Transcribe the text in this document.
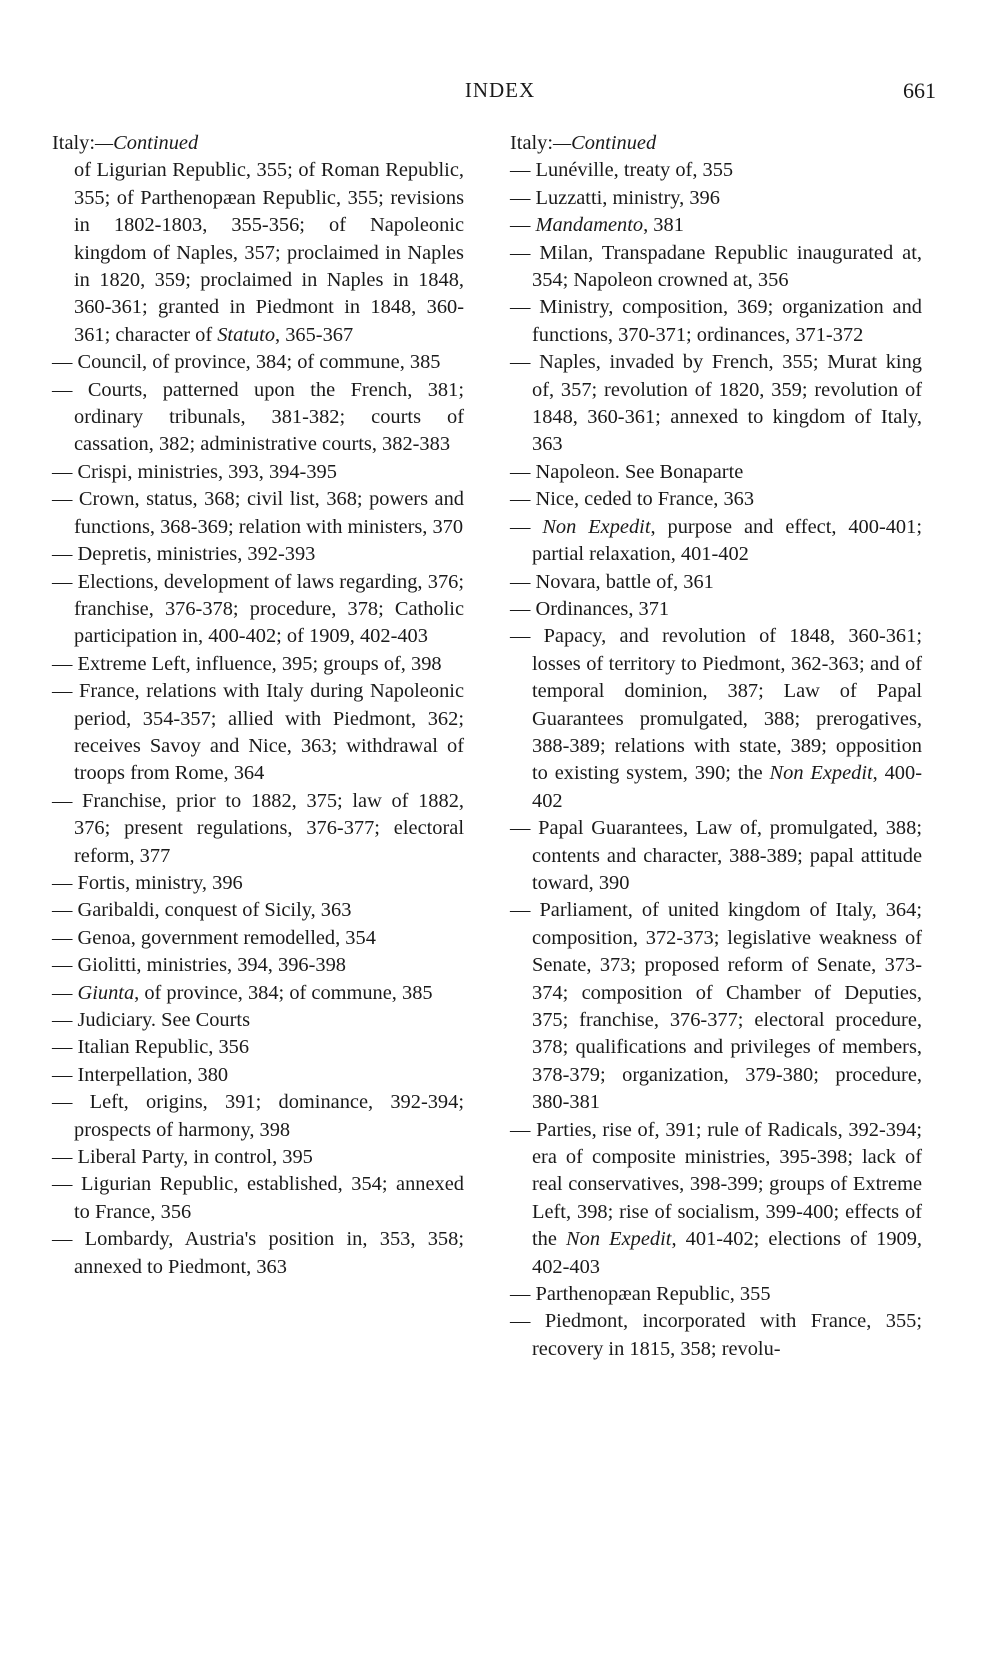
INDEX	661

Italy:—Continued

of Ligurian Republic, 355; of Roman Republic, 355; of Parthenopæan Republic, 355; revisions in 1802-1803, 355-356; of Napoleonic kingdom of Naples, 357; proclaimed in Naples in 1820, 359; proclaimed in Naples in 1848, 360-361; granted in Piedmont in 1848, 360-361; character of Statuto, 365-367

— Council, of province, 384; of commune, 385

— Courts, patterned upon the French, 381; ordinary tribunals, 381-382; courts of cassation, 382; administrative courts, 382-383

— Crispi, ministries, 393, 394-395

— Crown, status, 368; civil list, 368; powers and functions, 368-369; relation with ministers, 370

— Depretis, ministries, 392-393

— Elections, development of laws regarding, 376; franchise, 376-378; procedure, 378; Catholic participation in, 400-402; of 1909, 402-403

— Extreme Left, influence, 395; groups of, 398

— France, relations with Italy during Napoleonic period, 354-357; allied with Piedmont, 362; receives Savoy and Nice, 363; withdrawal of troops from Rome, 364

— Franchise, prior to 1882, 375; law of 1882, 376; present regulations, 376-377; electoral reform, 377

— Fortis, ministry, 396

— Garibaldi, conquest of Sicily, 363

— Genoa, government remodelled, 354

— Giolitti, ministries, 394, 396-398

— Giunta, of province, 384; of commune, 385

— Judiciary. See Courts

— Italian Republic, 356

— Interpellation, 380

— Left, origins, 391; dominance, 392-394; prospects of harmony, 398

— Liberal Party, in control, 395

— Ligurian Republic, established, 354; annexed to France, 356

— Lombardy, Austria's position in, 353, 358; annexed to Piedmont, 363

Italy:—Continued

— Lunéville, treaty of, 355

— Luzzatti, ministry, 396

— Mandamento, 381

— Milan, Transpadane Republic inaugurated at, 354; Napoleon crowned at, 356

— Ministry, composition, 369; organization and functions, 370-371; ordinances, 371-372

— Naples, invaded by French, 355; Murat king of, 357; revolution of 1820, 359; revolution of 1848, 360-361; annexed to kingdom of Italy, 363

— Napoleon. See Bonaparte

— Nice, ceded to France, 363

— Non Expedit, purpose and effect, 400-401; partial relaxation, 401-402

— Novara, battle of, 361

— Ordinances, 371

— Papacy, and revolution of 1848, 360-361; losses of territory to Piedmont, 362-363; and of temporal dominion, 387; Law of Papal Guarantees promulgated, 388; prerogatives, 388-389; relations with state, 389; opposition to existing system, 390; the Non Expedit, 400-402

— Papal Guarantees, Law of, promulgated, 388; contents and character, 388-389; papal attitude toward, 390

— Parliament, of united kingdom of Italy, 364; composition, 372-373; legislative weakness of Senate, 373; proposed reform of Senate, 373-374; composition of Chamber of Deputies, 375; franchise, 376-377; electoral procedure, 378; qualifications and privileges of members, 378-379; organization, 379-380; procedure, 380-381

— Parties, rise of, 391; rule of Radicals, 392-394; era of composite ministries, 395-398; lack of real conservatives, 398-399; groups of Extreme Left, 398; rise of socialism, 399-400; effects of the Non Expedit, 401-402; elections of 1909, 402-403

— Parthenopæan Republic, 355

— Piedmont, incorporated with France, 355; recovery in 1815, 358; revolu-
